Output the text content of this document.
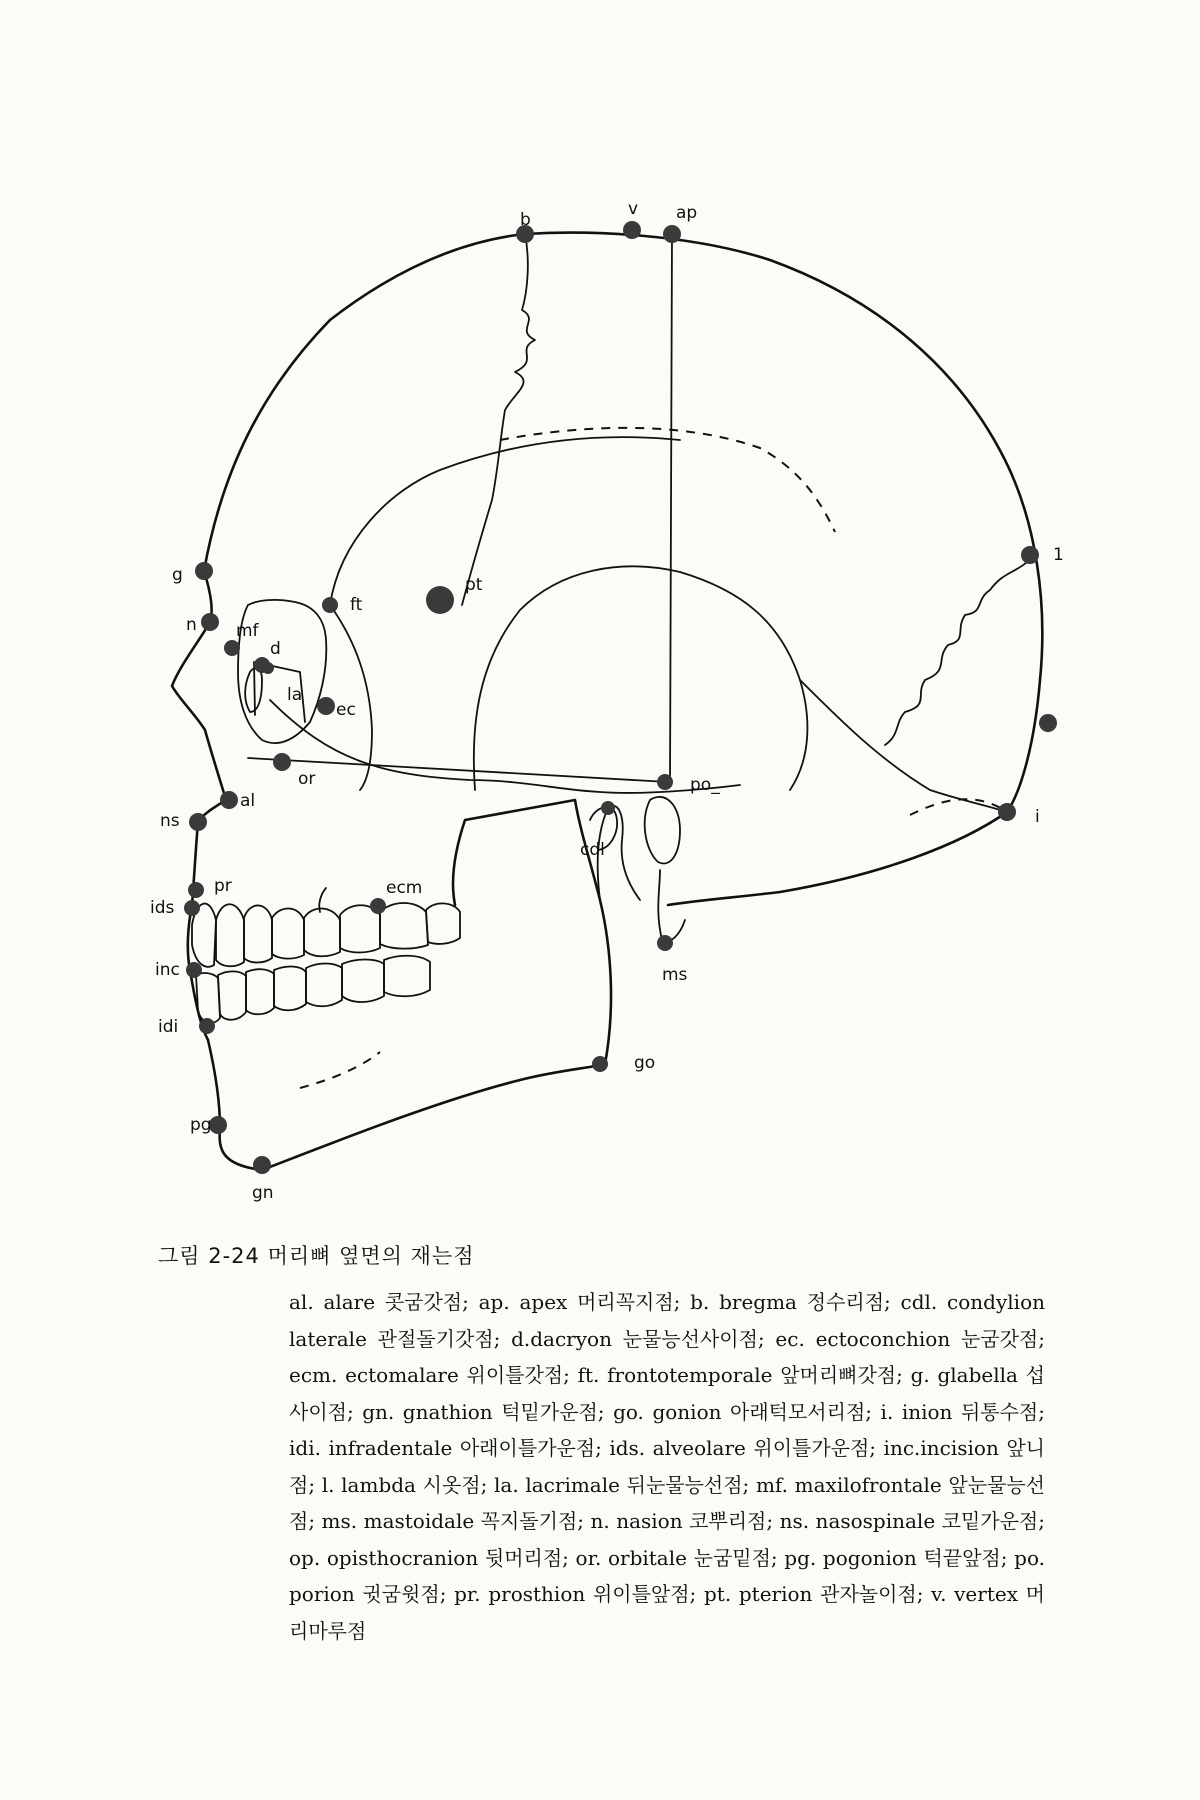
b
v ap
g
n mf
d
la
ec
ft
pt
1
i
po_
or
al
ns
cdl
pr	ecm
ids
inc
idi
ms
go
pg
gn
그림 2-24 머리뼈 옆면의 재는점
al. alare 콧굼갓점; ap. apex 머리꼭지점; b. bregma 정수리점; cdl. condylion laterale 관절돌기갓점; d.dacryon 눈물능선사이점; ec. ectoconchion 눈굼갓점; ecm. ectomalare 위이틀갓점; ft. frontotemporale 앞머리뼈갓점; g. glabella 섭사이점; gn. gnathion 턱밑가운점; go. gonion 아래턱모서리점; i. inion 뒤통수점; idi. infradentale 아래이틀가운점; ids. alveolare 위이틀가운점; inc.incision 앞니점; l. lambda 시옷점; la. lacrimale 뒤눈물능선점; mf. maxilofrontale 앞눈물능선점; ms. mastoidale 꼭지돌기점; n. nasion 코뿌리점; ns. nasospinale 코밑가운점; op. opisthocranion 뒷머리점; or. orbitale 눈굼밑점; pg. pogonion 턱끝앞점; po. porion 귓굼윗점; pr. prosthion 위이틀앞점; pt. pterion 관자놀이점; v. vertex 머리마루점
